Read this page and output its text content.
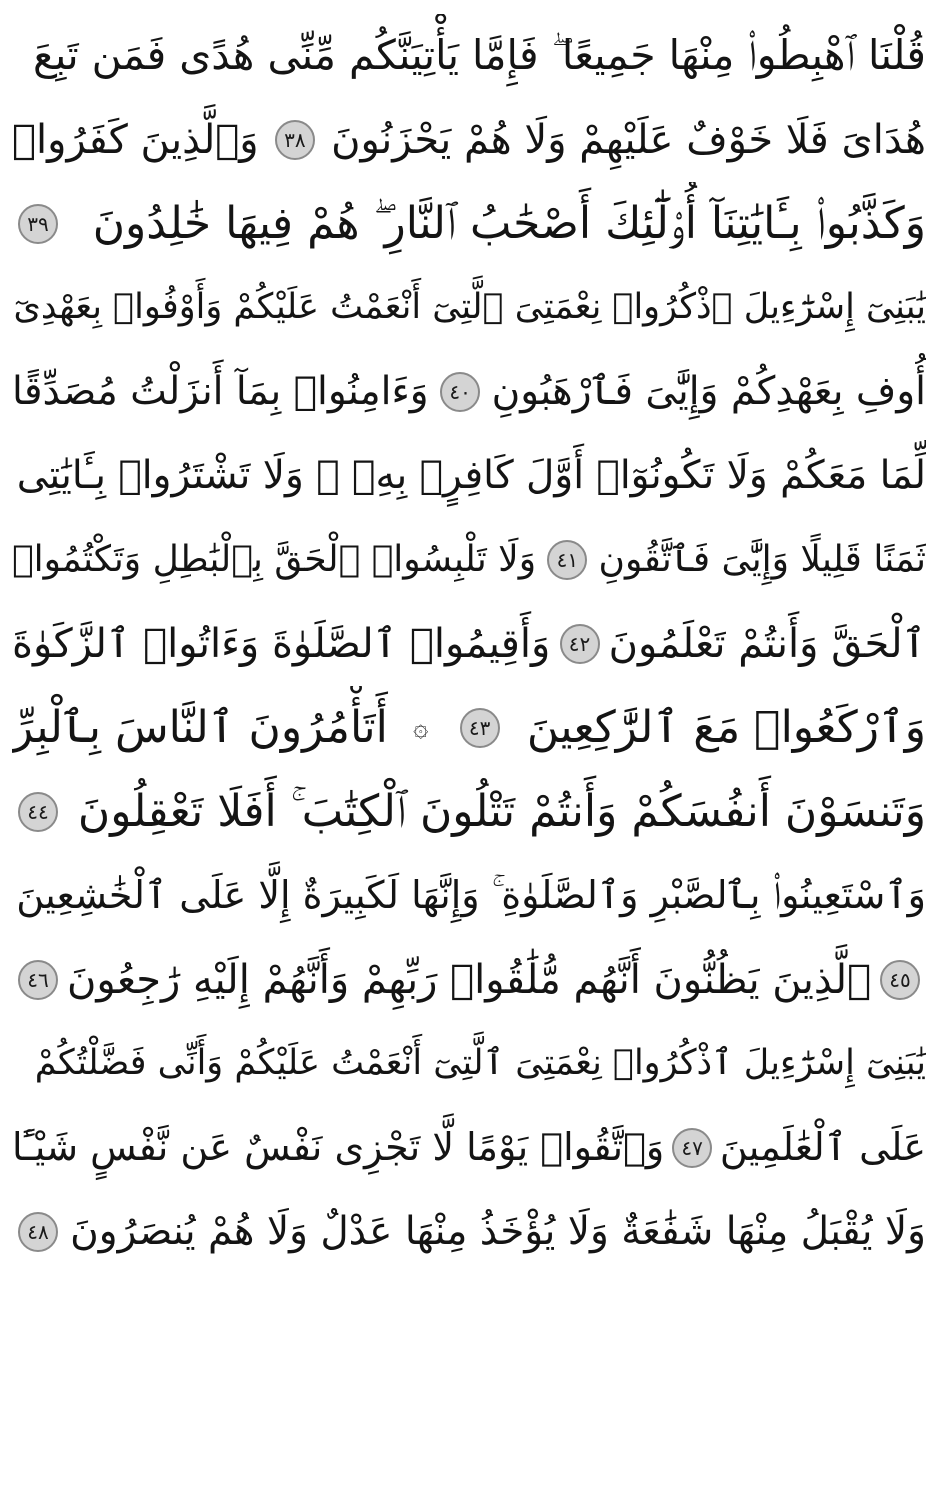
قُلْنَا ٱهْبِطُوا۟ مِنْهَا جَمِيعًا ۖ فَإِمَّا يَأْتِيَنَّكُم مِّنِّى هُدًى فَمَن تَبِعَ
هُدَاىَ فَلَا خَوْفٌ عَلَيْهِمْ وَلَا هُمْ يَحْزَنُونَ
٣٨
وَٱلَّذِينَ كَفَرُوا۟
وَكَذَّبُوا۟ بِـَٔايَٰتِنَآ أُو۟لَٰٓئِكَ أَصْحَٰبُ ٱلنَّارِ ۖ هُمْ فِيهَا خَٰلِدُونَ
٣٩
يَٰبَنِىٓ إِسْرَٰٓءِيلَ ٱذْكُرُوا۟ نِعْمَتِىَ ٱلَّتِىٓ أَنْعَمْتُ عَلَيْكُمْ وَأَوْفُوا۟ بِعَهْدِىٓ
أُوفِ بِعَهْدِكُمْ وَإِيَّٰىَ فَٱرْهَبُونِ
٤٠
وَءَامِنُوا۟ بِمَآ أَنزَلْتُ مُصَدِّقًا
لِّمَا مَعَكُمْ وَلَا تَكُونُوٓا۟ أَوَّلَ كَافِرٍۭ بِهِۦ ۖ وَلَا تَشْتَرُوا۟ بِـَٔايَٰتِى
ثَمَنًا قَلِيلًا وَإِيَّٰىَ فَٱتَّقُونِ
٤١
وَلَا تَلْبِسُوا۟ ٱلْحَقَّ بِٱلْبَٰطِلِ وَتَكْتُمُوا۟
ٱلْحَقَّ وَأَنتُمْ تَعْلَمُونَ
٤٢
وَأَقِيمُوا۟ ٱلصَّلَوٰةَ وَءَاتُوا۟ ٱلزَّكَوٰةَ
وَٱرْكَعُوا۟ مَعَ ٱلرَّٰكِعِينَ
٤٣
۞
أَتَأْمُرُونَ ٱلنَّاسَ بِٱلْبِرِّ
وَتَنسَوْنَ أَنفُسَكُمْ وَأَنتُمْ تَتْلُونَ ٱلْكِتَٰبَ ۚ أَفَلَا تَعْقِلُونَ
٤٤
وَٱسْتَعِينُوا۟ بِٱلصَّبْرِ وَٱلصَّلَوٰةِ ۚ وَإِنَّهَا لَكَبِيرَةٌ إِلَّا عَلَى ٱلْخَٰشِعِينَ
٤٥
ٱلَّذِينَ يَظُنُّونَ أَنَّهُم مُّلَٰقُوا۟ رَبِّهِمْ وَأَنَّهُمْ إِلَيْهِ رَٰجِعُونَ
٤٦
يَٰبَنِىٓ إِسْرَٰٓءِيلَ ٱذْكُرُوا۟ نِعْمَتِىَ ٱلَّتِىٓ أَنْعَمْتُ عَلَيْكُمْ وَأَنِّى فَضَّلْتُكُمْ
عَلَى ٱلْعَٰلَمِينَ
٤٧
وَٱتَّقُوا۟ يَوْمًا لَّا تَجْزِى نَفْسٌ عَن نَّفْسٍ شَيْـًٔا
وَلَا يُقْبَلُ مِنْهَا شَفَٰعَةٌ وَلَا يُؤْخَذُ مِنْهَا عَدْلٌ وَلَا هُمْ يُنصَرُونَ
٤٨
